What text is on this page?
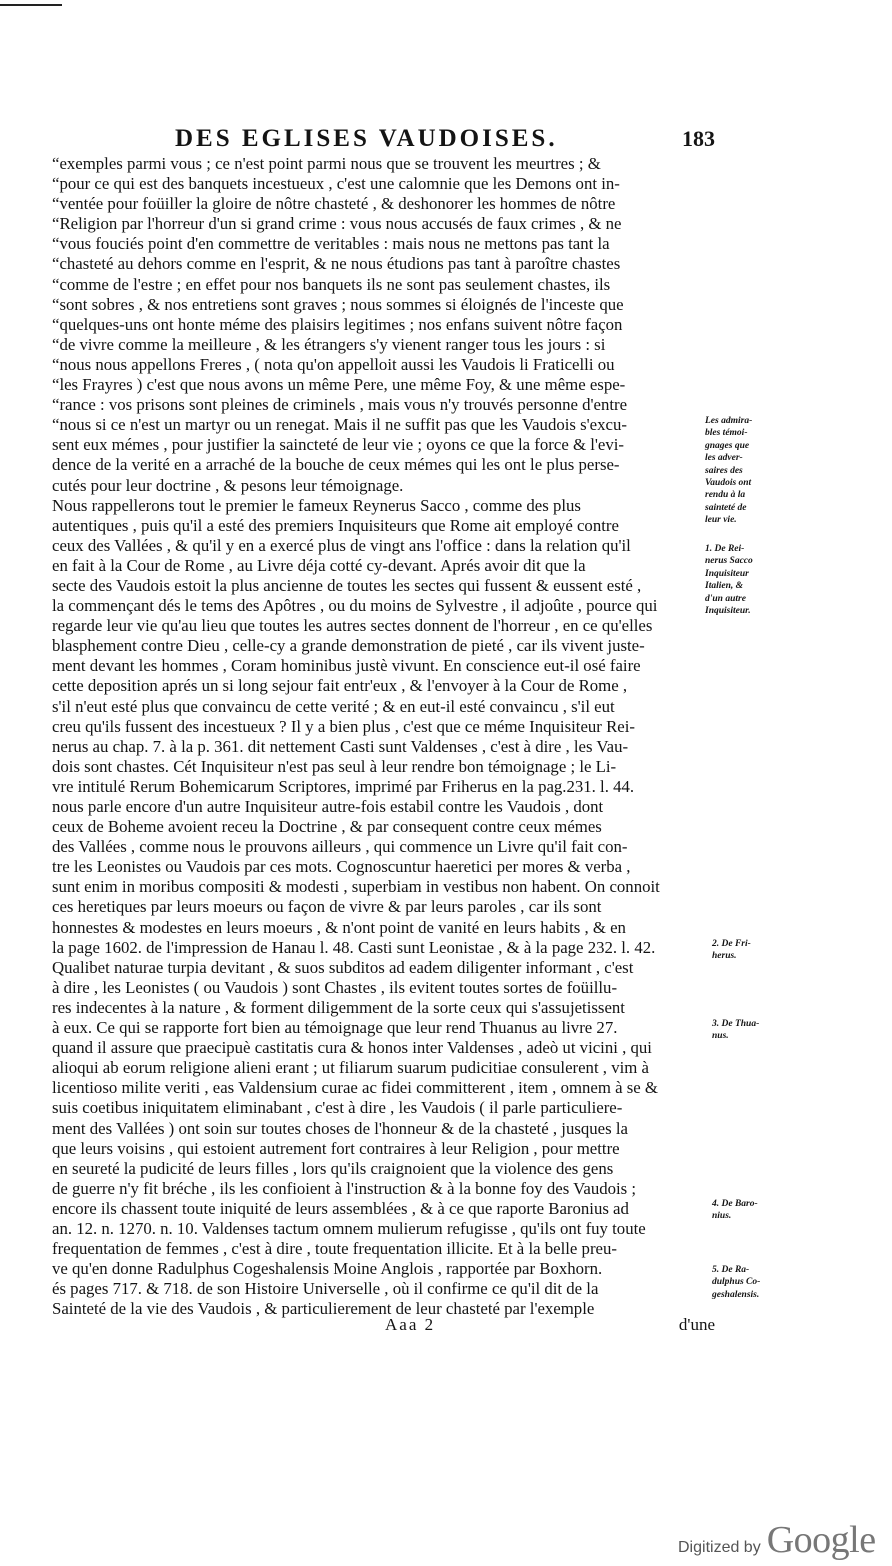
DES EGLISES VAUDOISES.	183
“exemples parmi vous ; ce n'est point parmi nous que se trouvent les meurtres ; &
“pour ce qui est des banquets incestueux , c'est une calomnie que les Demons ont in-
“ventée pour foüiller la gloire de nôtre chasteté , & deshonorer les hommes de nôtre
“Religion par l'horreur d'un si grand crime : vous nous accusés de faux crimes , & ne
“vous fouciés point d'en commettre de veritables : mais nous ne mettons pas tant la
“chasteté au dehors comme en l'esprit, & ne nous étudions pas tant à paroître chastes
“comme de l'estre ; en effet pour nos banquets ils ne sont pas seulement chastes, ils
“sont sobres , & nos entretiens sont graves ; nous sommes si éloignés de l'inceste que
“quelques-uns ont honte méme des plaisirs legitimes ; nos enfans suivent nôtre façon
“de vivre comme la meilleure , & les étrangers s'y vienent ranger tous les jours : si
“nous nous appellons Freres , ( nota qu'on appelloit aussi les Vaudois li Fraticelli ou
“les Frayres ) c'est que nous avons un même Pere, une même Foy, & une même espe-
“rance : vos prisons sont pleines de criminels , mais vous n'y trouvés personne d'entre
“nous si ce n'est un martyr ou un renegat. Mais il ne suffit pas que les Vaudois s'excu-
sent eux mémes , pour justifier la saincteté de leur vie ; oyons ce que la force & l'evi-
dence de la verité en a arraché de la bouche de ceux mémes qui les ont le plus perse-
cutés pour leur doctrine , & pesons leur témoignage.
Nous rappellerons tout le premier le fameux Reynerus Sacco , comme des plus
autentiques , puis qu'il a esté des premiers Inquisiteurs que Rome ait employé contre
ceux des Vallées , & qu'il y en a exercé plus de vingt ans l'office : dans la relation qu'il
en fait à la Cour de Rome , au Livre déja cotté cy-devant. Aprés avoir dit que la
secte des Vaudois estoit la plus ancienne de toutes les sectes qui fussent & eussent esté ,
la commençant dés le tems des Apôtres , ou du moins de Sylvestre , il adjoûte , pource qui
regarde leur vie qu'au lieu que toutes les autres sectes donnent de l'horreur , en ce qu'elles
blasphement contre Dieu , celle-cy a grande demonstration de pieté , car ils vivent juste-
ment devant les hommes , Coram hominibus justè vivunt. En conscience eut-il osé faire
cette deposition aprés un si long sejour fait entr'eux , & l'envoyer à la Cour de Rome ,
s'il n'eut esté plus que convaincu de cette verité ; & en eut-il esté convaincu , s'il eut
creu qu'ils fussent des incestueux ? Il y a bien plus , c'est que ce méme Inquisiteur Rei-
nerus au chap. 7. à la p. 361. dit nettement Casti sunt Valdenses , c'est à dire , les Vau-
dois sont chastes. Cét Inquisiteur n'est pas seul à leur rendre bon témoignage ; le Li-
vre intitulé Rerum Bohemicarum Scriptores, imprimé par Friherus en la pag.231. l. 44.
nous parle encore d'un autre Inquisiteur autre-fois estabil contre les Vaudois , dont
ceux de Boheme avoient receu la Doctrine , & par consequent contre ceux mémes
des Vallées , comme nous le prouvons ailleurs , qui commence un Livre qu'il fait con-
tre les Leonistes ou Vaudois par ces mots. Cognoscuntur haeretici per mores & verba ,
sunt enim in moribus compositi & modesti , superbiam in vestibus non habent. On connoit
ces heretiques par leurs moeurs ou façon de vivre & par leurs paroles , car ils sont
honnestes & modestes en leurs moeurs , & n'ont point de vanité en leurs habits , & en
la page 1602. de l'impression de Hanau l. 48. Casti sunt Leonistae , & à la page 232. l. 42.
Qualibet naturae turpia devitant , & suos subditos ad eadem diligenter informant , c'est
à dire , les Leonistes ( ou Vaudois ) sont Chastes , ils evitent toutes sortes de foüillu-
res indecentes à la nature , & forment diligemment de la sorte ceux qui s'assujetissent
à eux. Ce qui se rapporte fort bien au témoignage que leur rend Thuanus au livre 27.
quand il assure que praecipuè castitatis cura & honos inter Valdenses , adeò ut vicini , qui
alioqui ab eorum religione alieni erant ; ut filiarum suarum pudicitiae consulerent , vim à
licentioso milite veriti , eas Valdensium curae ac fidei committerent , item , omnem à se &
suis coetibus iniquitatem eliminabant , c'est à dire , les Vaudois ( il parle particuliere-
ment des Vallées ) ont soin sur toutes choses de l'honneur & de la chasteté , jusques la
que leurs voisins , qui estoient autrement fort contraires à leur Religion , pour mettre
en seureté la pudicité de leurs filles , lors qu'ils craignoient que la violence des gens
de guerre n'y fit bréche , ils les confioient à l'instruction & à la bonne foy des Vaudois ;
encore ils chassent toute iniquité de leurs assemblées , & à ce que raporte Baronius ad
an. 12. n. 1270. n. 10. Valdenses tactum omnem mulierum refugisse , qu'ils ont fuy toute
frequentation de femmes , c'est à dire , toute frequentation illicite. Et à la belle preu-
ve qu'en donne Radulphus Cogeshalensis Moine Anglois , rapportée par Boxhorn.
és pages 717. & 718. de son Histoire Universelle , où il confirme ce qu'il dit de la
Sainteté de la vie des Vaudois , & particulierement de leur chasteté par l'exemple
Les admira-
bles témoi-
gnages que
les adver-
saires des
Vaudois ont
rendu à la
sainteté de
leur vie.
1. De Rei-
nerus Sacco
Inquisiteur
Italien, &
d'un autre
Inquisiteur.
2. De Fri-
herus.
3. De Thua-
nus.
4. De Baro-
nius.
5. De Ra-
dulphus Co-
geshalensis.
Aaa 2	d'une
Digitized by Google
